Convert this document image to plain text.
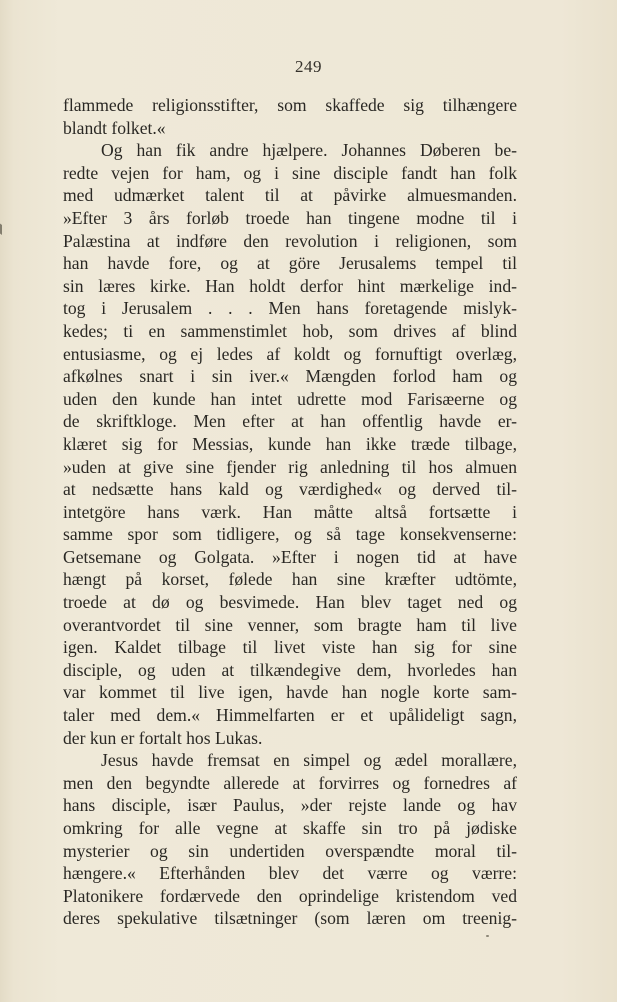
249
flammede religionsstifter, som skaffede sig tilhængere
blandt folket.«
Og han fik andre hjælpere. Johannes Døberen be-
redte vejen for ham, og i sine disciple fandt han folk
med udmærket talent til at påvirke almuesmanden.
»Efter 3 års forløb troede han tingene modne til i
Palæstina at indføre den revolution i religionen, som
han havde fore, og at göre Jerusalems tempel til
sin læres kirke. Han holdt derfor hint mærkelige ind-
tog i Jerusalem . . . Men hans foretagende mislyk-
kedes; ti en sammenstimlet hob, som drives af blind
entusiasme, og ej ledes af koldt og fornuftigt overlæg,
afkølnes snart i sin iver.« Mængden forlod ham og
uden den kunde han intet udrette mod Farisæerne og
de skriftkloge. Men efter at han offentlig havde er-
klæret sig for Messias, kunde han ikke træde tilbage,
»uden at give sine fjender rig anledning til hos almuen
at nedsætte hans kald og værdighed« og derved til-
intetgöre hans værk. Han måtte altså fortsætte i
samme spor som tidligere, og så tage konsekvenserne:
Getsemane og Golgata. »Efter i nogen tid at have
hængt på korset, følede han sine kræfter udtömte,
troede at dø og besvimede. Han blev taget ned og
overantvordet til sine venner, som bragte ham til live
igen. Kaldet tilbage til livet viste han sig for sine
disciple, og uden at tilkændegive dem, hvorledes han
var kommet til live igen, havde han nogle korte sam-
taler med dem.« Himmelfarten er et upålideligt sagn,
der kun er fortalt hos Lukas.
Jesus havde fremsat en simpel og ædel morallære,
men den begyndte allerede at forvirres og fornedres af
hans disciple, især Paulus, »der rejste lande og hav
omkring for alle vegne at skaffe sin tro på jødiske
mysterier og sin undertiden overspændte moral til-
hængere.« Efterhånden blev det værre og værre:
Platonikere fordærvede den oprindelige kristendom ved
deres spekulative tilsætninger (som læren om treenig-
